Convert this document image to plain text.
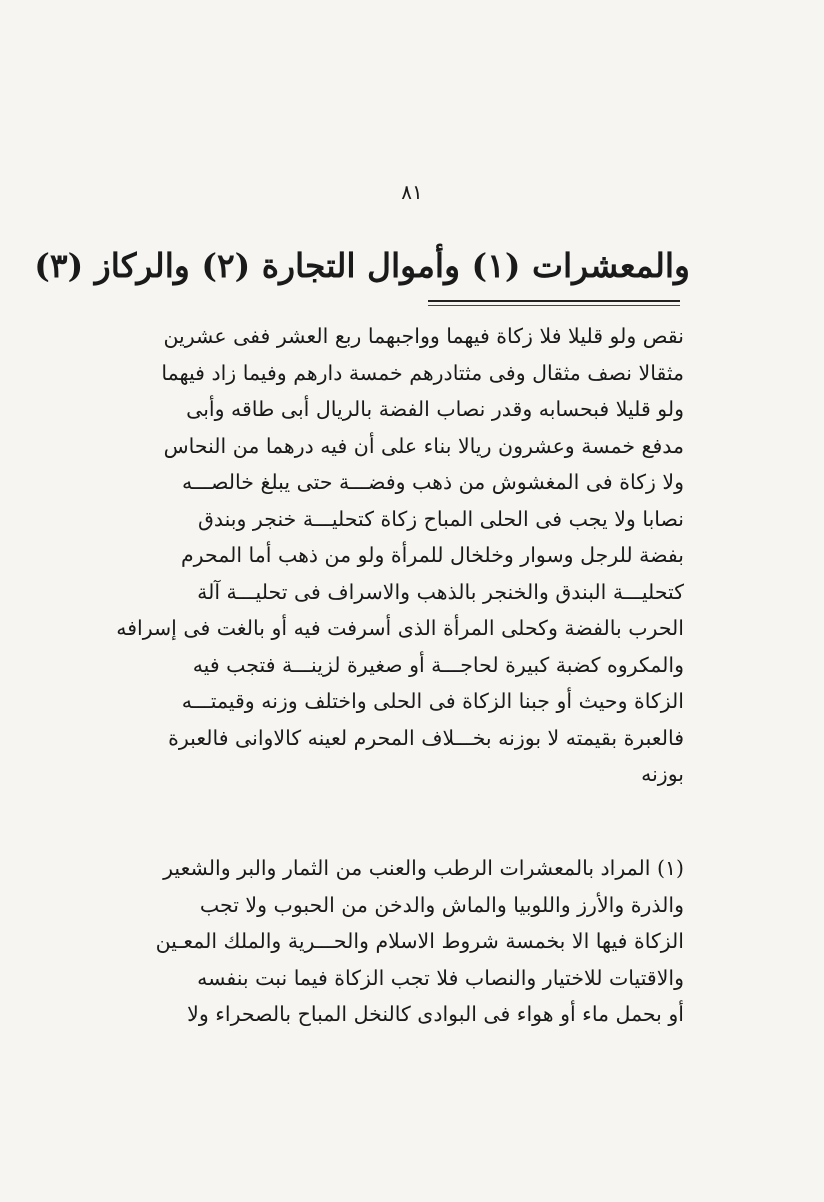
٨١
والمعشرات (١) وأموال التجارة (٢) والركاز (٣)

نقص ولو قليلا فلا زكاة فيهما وواجبهما ربع العشر ففى عشرين

مثقالا نصف مثقال وفى مثتادرهم خمسة دارهم وفيما زاد فيهما

ولو قليلا فبحسابه وقدر نصاب الفضة بالريال أبى طاقه وأبى

مدفع خمسة وعشرون ريالا بناء على أن فيه درهما من النحاس

ولا زكاة فى المغشوش من ذهب وفضـــة حتى يبلغ خالصـــه

نصابا ولا يجب فى الحلى المباح زكاة كتحليـــة خنجر وبندق

بفضة للرجل وسوار وخلخال للمرأة ولو من ذهب أما المحرم

كتحليـــة البندق والخنجر بالذهب والاسراف فى تحليـــة آلة

الحرب بالفضة وكحلى المرأة الذى أسرفت فيه أو بالغت فى إسرافه

والمكروه كضبة كبيرة لحاجـــة أو صغيرة لزينـــة فتجب فيه

الزكاة وحيث أو جبنا الزكاة فى الحلى واختلف وزنه وقيمتـــه

فالعبرة بقيمته لا بوزنه بخـــلاف المحرم لعينه كالاوانى فالعبرة

بوزنه

(١) المراد بالمعشرات الرطب والعنب من الثمار والبر والشعير

والذرة والأرز واللوبيا والماش والدخن من الحبوب ولا تجب

الزكاة فيها الا بخمسة شروط الاسلام والحـــرية والملك المعـين

والاقتيات للاختيار والنصاب فلا تجب الزكاة فيما نبت بنفسه

أو بحمل ماء أو هواء فى البوادى كالنخل المباح بالصحراء ولا
